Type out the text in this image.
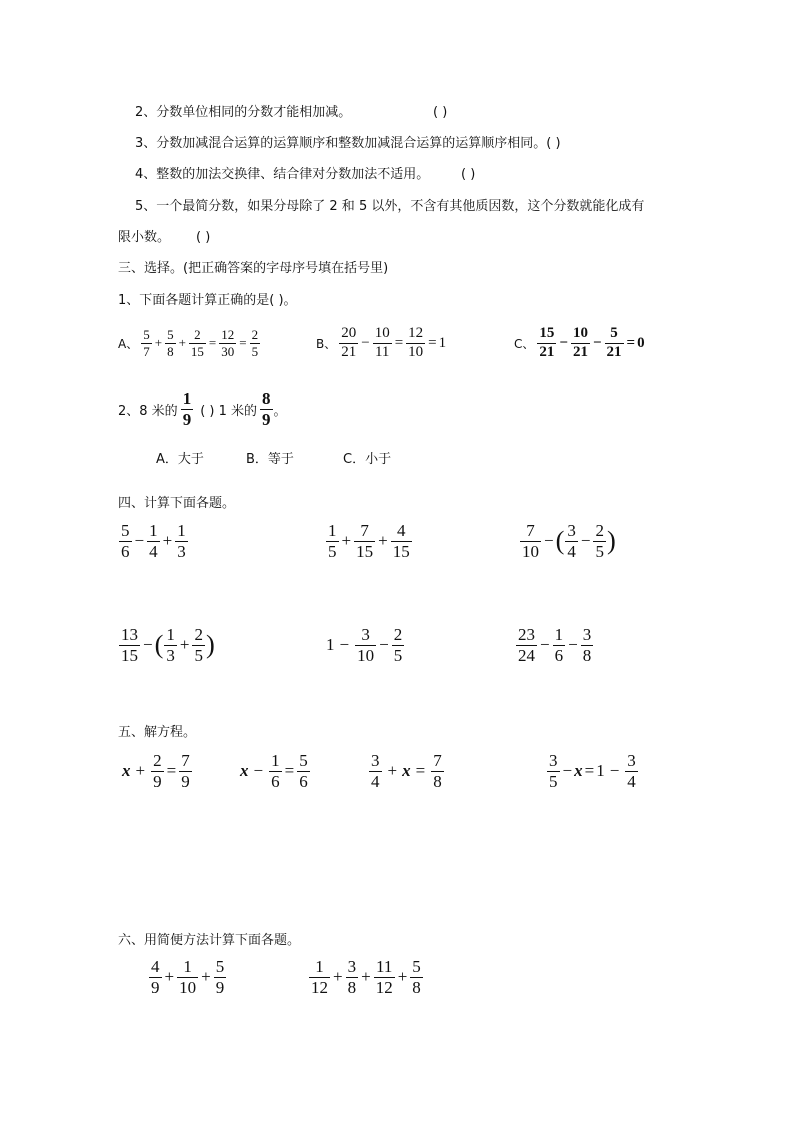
2、分数单位相同的分数才能相加减。	( )
3、分数加减混合运算的运算顺序和整数加减混合运算的运算顺序相同。( )
4、整数的加法交换律、结合律对分数加法不适用。 ( )
5、一个最简分数，如果分母除了 2 和 5 以外，不含有其他质因数，这个分数就能化成有
限小数。 ( )
三、选择。(把正确答案的字母序号填在括号里)
1、下面各题计算正确的是( )。
A、 $\frac{5}{7} + \frac{5}{8} + \frac{2}{15} = \frac{12}{30} = \frac{2}{5}$	B、 $\frac{20}{21} - \frac{10}{11} = \frac{12}{10} = 1$	C、 $\frac{15}{21} - \frac{10}{21} - \frac{5}{21} = 0$
2、8 米的 $\frac{1}{9}$ ( ) 1 米的 $\frac{8}{9}$ 。
A．大于	B．等于	C．小于
四、计算下面各题。
$\frac{5}{6} - \frac{1}{4} + \frac{1}{3}$	$\frac{1}{5} + \frac{7}{15} + \frac{4}{15}$	$\frac{7}{10}$ − ( $\frac{3}{4} - \frac{2}{5}$ )
$\frac{13}{15}$ − ( $\frac{1}{3} + \frac{2}{5}$ )	$1 - \frac{3}{10} - \frac{2}{5}$	$\frac{23}{24} - \frac{1}{6} - \frac{3}{8}$
五、解方程。
$x + \frac{2}{9} = \frac{7}{9}$	$x - \frac{1}{6} = \frac{5}{6}$	$\frac{3}{4} + x = \frac{7}{8}$	$\frac{3}{5} - x = 1 - \frac{3}{4}$
六、用简便方法计算下面各题。
$\frac{4}{9} + \frac{1}{10} + \frac{5}{9}$	$\frac{1}{12} + \frac{3}{8} + \frac{11}{12} + \frac{5}{8}$
